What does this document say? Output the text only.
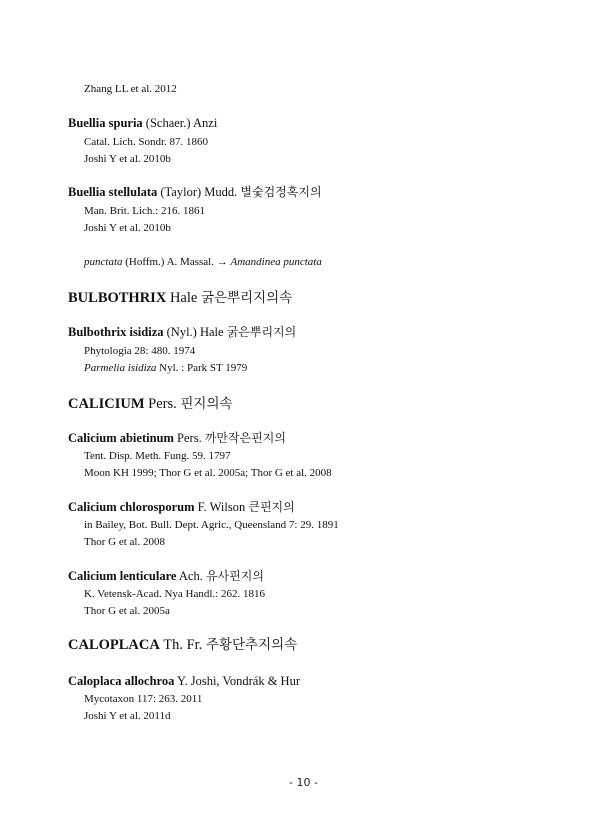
Zhang LL et al. 2012
Buellia spuria (Schaer.) Anzi
Catal. Lich. Sondr. 87. 1860
Joshi Y et al. 2010b
Buellia stellulata (Taylor) Mudd. 별숯검정혹지의
Man. Brit. Lich.: 216. 1861
Joshi Y et al. 2010b
punctata (Hoffm.) A. Massal. → Amandinea punctata
BULBOTHRIX Hale 굵은뿌리지의속
Bulbothrix isidiza (Nyl.) Hale 굵은뿌리지의
Phytologia 28: 480. 1974
Parmelia isidiza Nyl. : Park ST 1979
CALICIUM Pers. 핀지의속
Calicium abietinum Pers. 까만작은핀지의
Tent. Disp. Meth. Fung. 59. 1797
Moon KH 1999; Thor G et al. 2005a; Thor G et al. 2008
Calicium chlorosporum F. Wilson 큰핀지의
in Bailey, Bot. Bull. Dept. Agric., Queensland 7: 29. 1891
Thor G et al. 2008
Calicium lenticulare Ach. 유사핀지의
K. Vetensk-Acad. Nya Handl.: 262. 1816
Thor G et al. 2005a
CALOPLACA Th. Fr. 주황단추지의속
Caloplaca allochroa Y. Joshi, Vondrák & Hur
Mycotaxon 117: 263. 2011
Joshi Y et al. 2011d
- 10 -
